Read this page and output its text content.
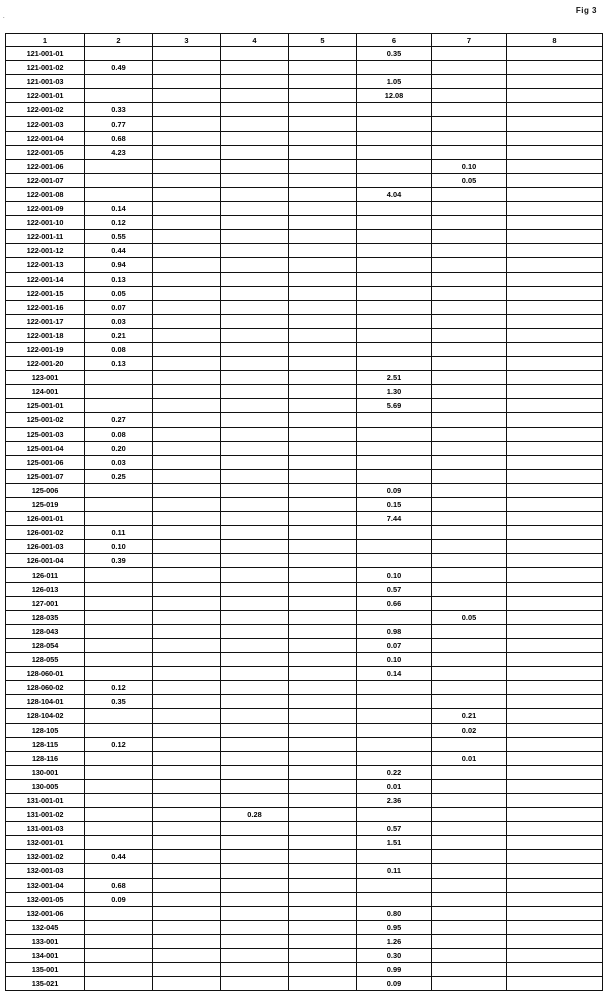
.
Fig 3
1	2	3	4	5	6	7	8
121-001-01					0.35		
121-001-02	0.49						
121-001-03					1.05		
122-001-01					12.08		
122-001-02	0.33						
122-001-03	0.77						
122-001-04	0.68						
122-001-05	4.23						
122-001-06						0.10	
122-001-07						0.05	
122-001-08					4.04		
122-001-09	0.14						
122-001-10	0.12						
122-001-11	0.55						
122-001-12	0.44						
122-001-13	0.94						
122-001-14	0.13						
122-001-15	0.05						
122-001-16	0.07						
122-001-17	0.03						
122-001-18	0.21						
122-001-19	0.08						
122-001-20	0.13						
123-001					2.51		
124-001					1.30		
125-001-01					5.69		
125-001-02	0.27						
125-001-03	0.08						
125-001-04	0.20						
125-001-06	0.03						
125-001-07	0.25						
125-006					0.09		
125-019					0.15		
126-001-01					7.44		
126-001-02	0.11						
126-001-03	0.10						
126-001-04	0.39						
126-011					0.10		
126-013					0.57		
127-001					0.66		
128-035						0.05	
128-043					0.98		
128-054					0.07		
128-055					0.10		
128-060-01					0.14		
128-060-02	0.12						
128-104-01	0.35						
128-104-02						0.21	
128-105						0.02	
128-115	0.12						
128-116						0.01	
130-001					0.22		
130-005					0.01		
131-001-01					2.36		
131-001-02			0.28				
131-001-03					0.57		
132-001-01					1.51		
132-001-02	0.44						
132-001-03					0.11		
132-001-04	0.68						
132-001-05	0.09						
132-001-06					0.80		
132-045					0.95		
133-001					1.26		
134-001					0.30		
135-001					0.99		
135-021					0.09		
